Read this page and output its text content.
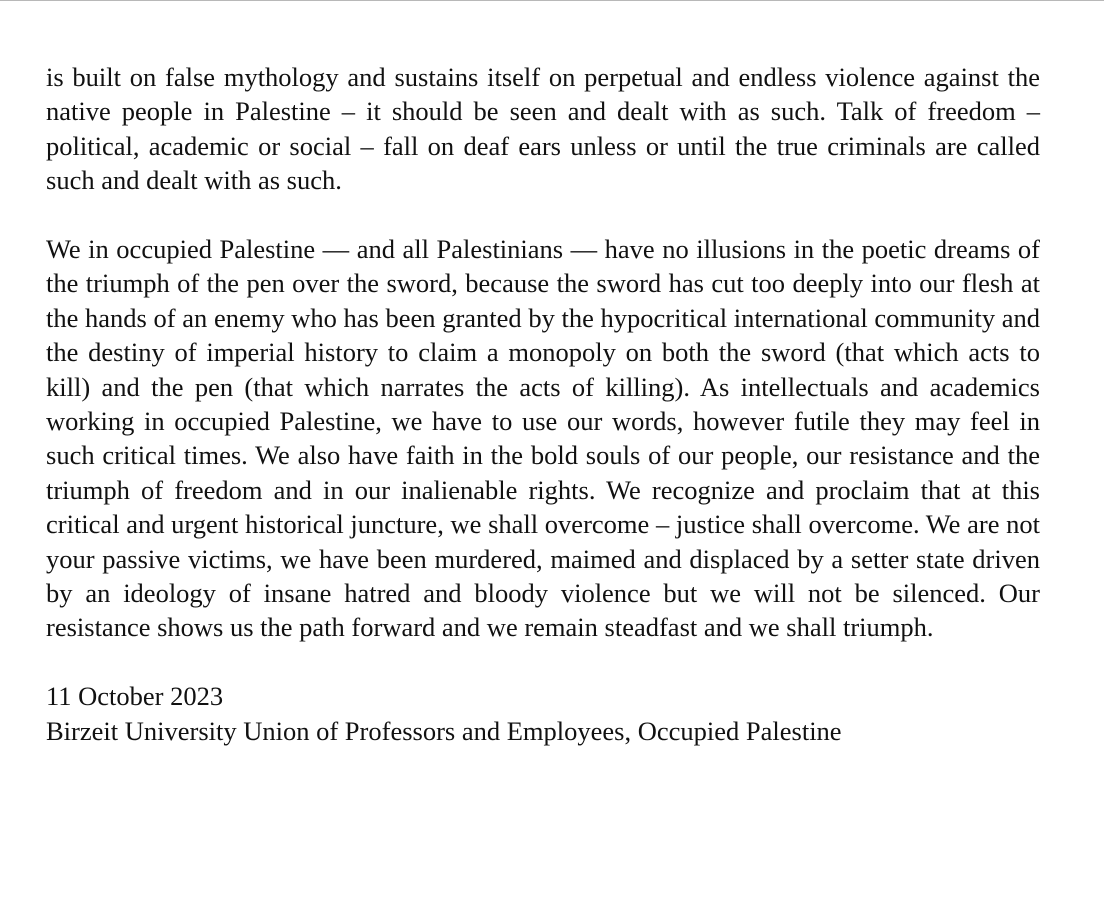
is built on false mythology and sustains itself on perpetual and endless violence against the native people in Palestine – it should be seen and dealt with as such. Talk of freedom – political, academic or social – fall on deaf ears unless or until the true criminals are called such and dealt with as such.

We in occupied Palestine — and all Palestinians — have no illusions in the poetic dreams of the triumph of the pen over the sword, because the sword has cut too deeply into our flesh at the hands of an enemy who has been granted by the hypocritical international community and the destiny of imperial history to claim a monopoly on both the sword (that which acts to kill) and the pen (that which narrates the acts of killing). As intellectuals and academics working in occupied Palestine, we have to use our words, however futile they may feel in such critical times. We also have faith in the bold souls of our people, our resistance and the triumph of freedom and in our inalienable rights. We recognize and proclaim that at this critical and urgent historical juncture, we shall overcome – justice shall overcome. We are not your passive victims, we have been murdered, maimed and displaced by a setter state driven by an ideology of insane hatred and bloody violence but we will not be silenced. Our resistance shows us the path forward and we remain steadfast and we shall triumph.

11 October 2023
Birzeit University Union of Professors and Employees, Occupied Palestine
